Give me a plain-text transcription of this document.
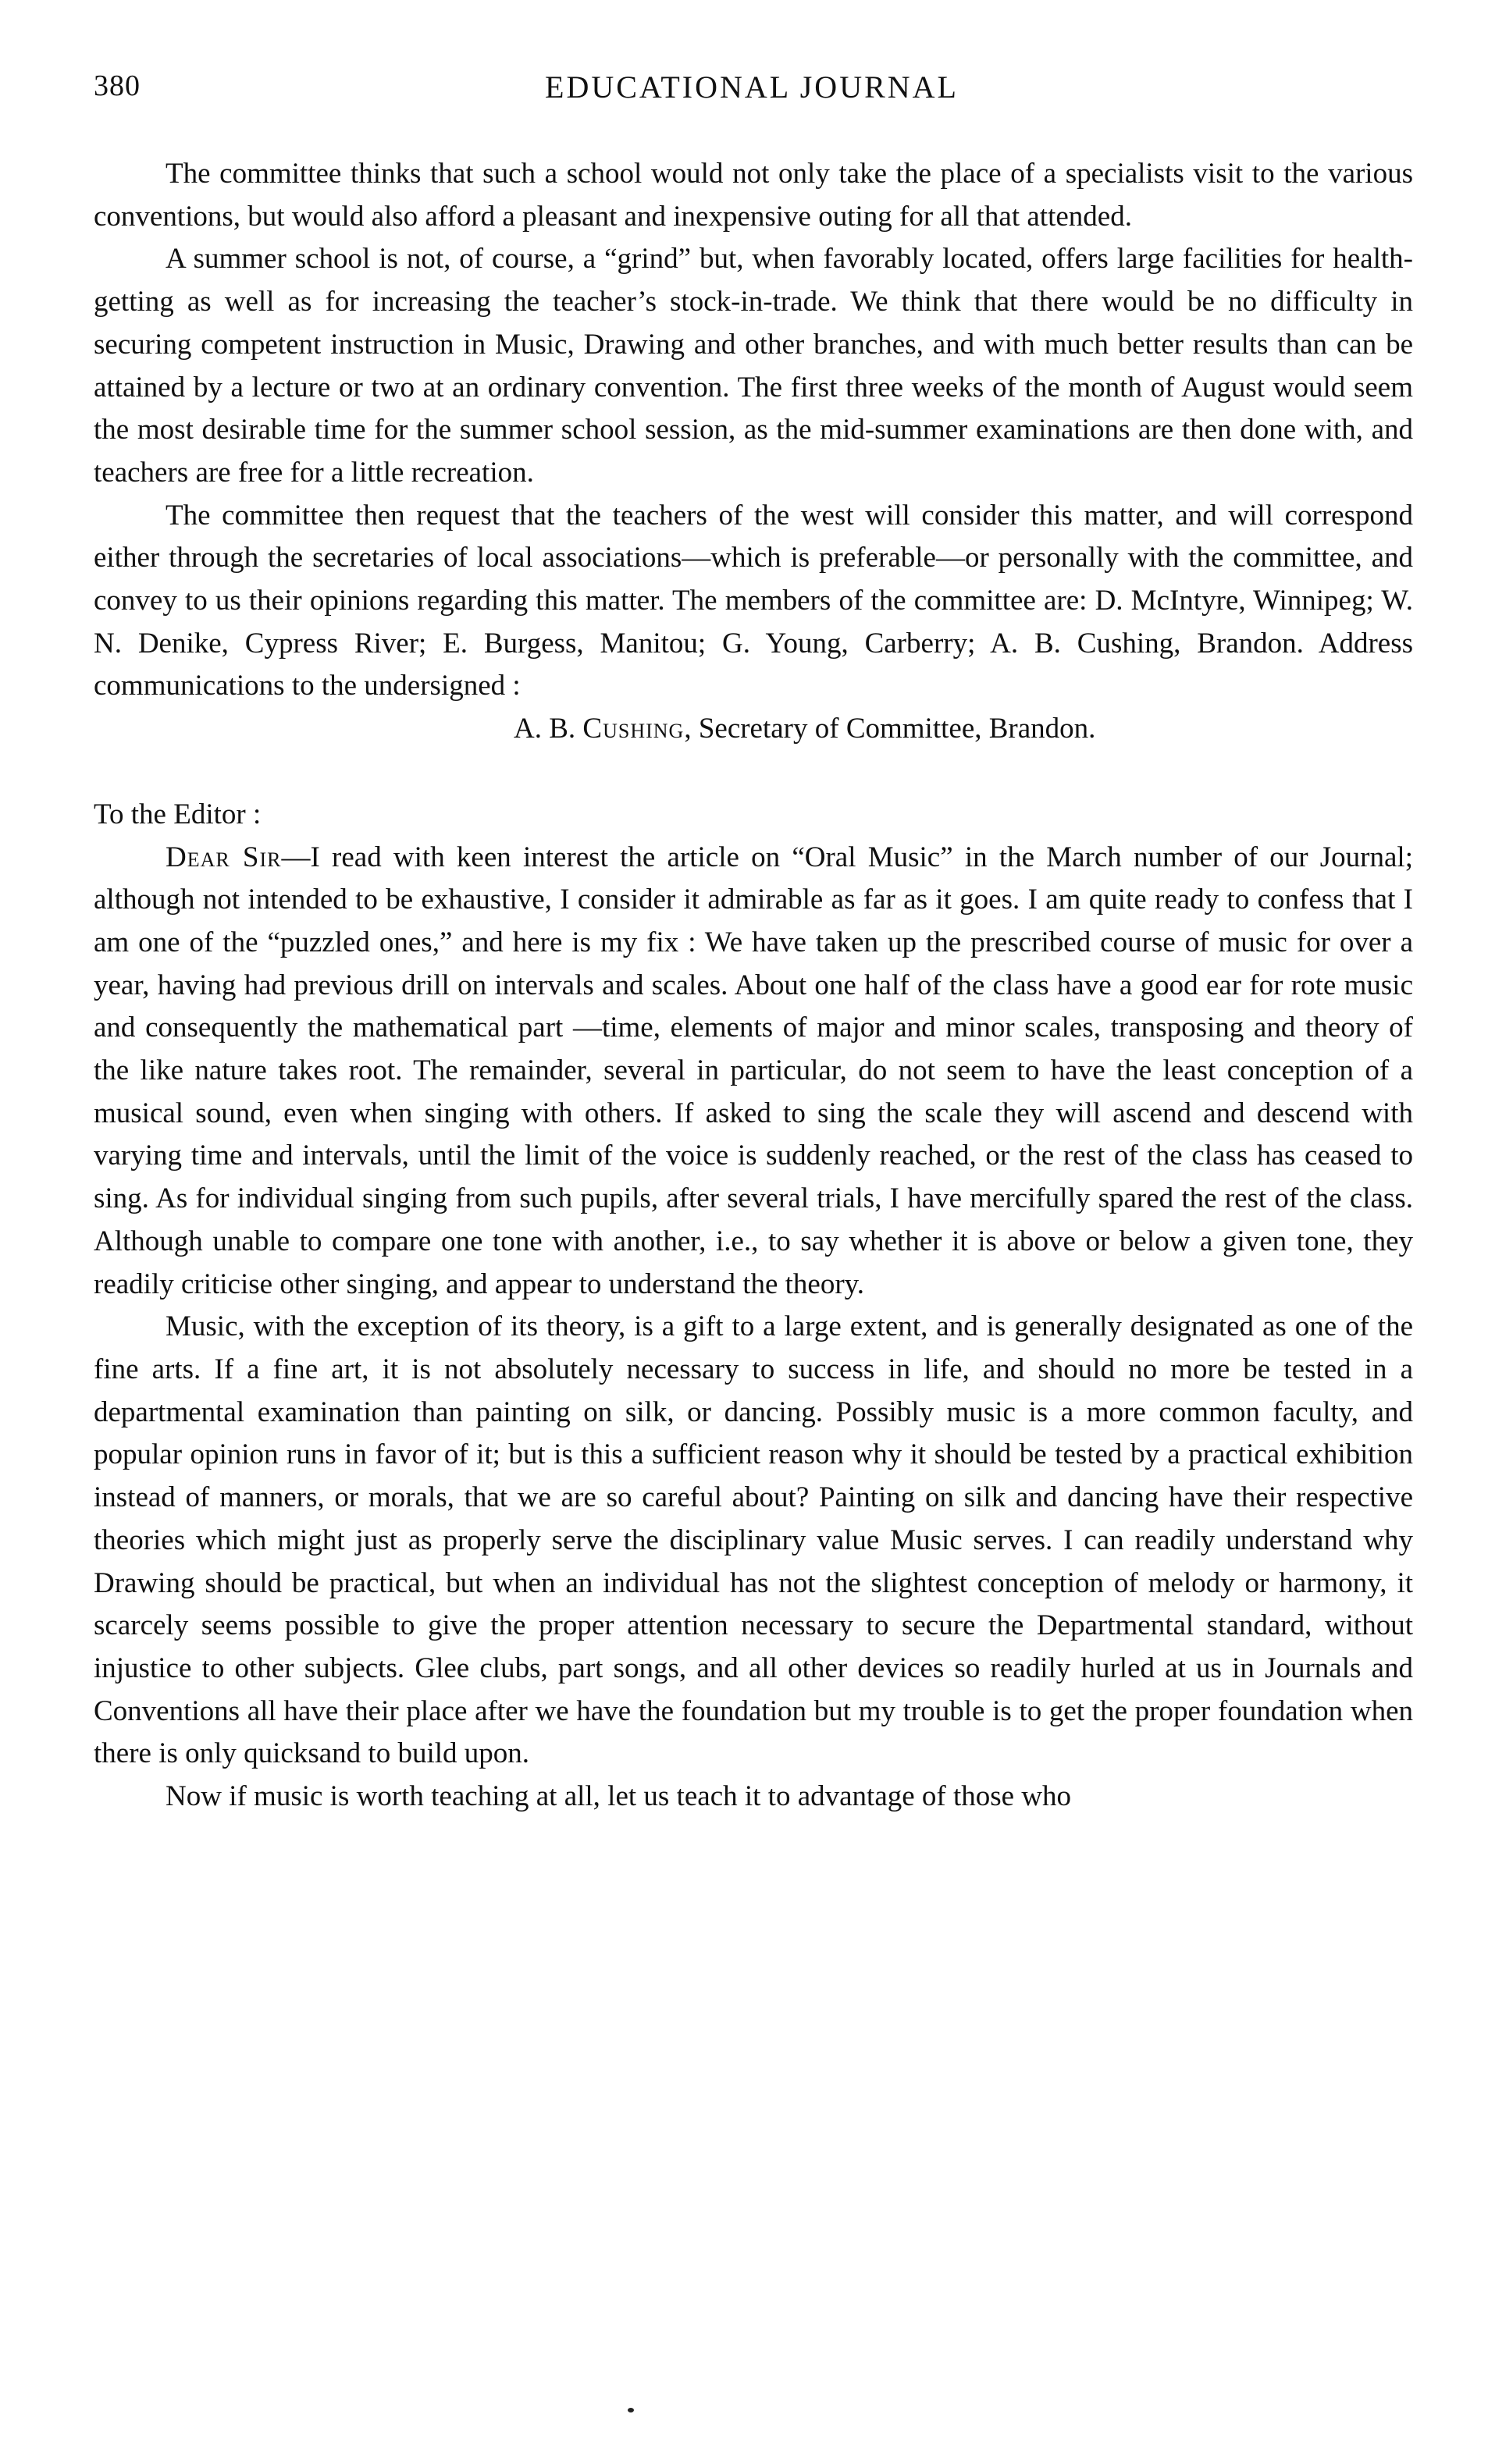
380	EDUCATIONAL JOURNAL

The committee thinks that such a school would not only take the place of a specialists visit to the various conventions, but would also afford a pleasant and inexpensive outing for all that attended.

A summer school is not, of course, a “grind” but, when favorably located, offers large facilities for health-getting as well as for increasing the teacher’s stock-in-trade. We think that there would be no difficulty in securing competent instruction in Music, Drawing and other branches, and with much better results than can be attained by a lecture or two at an ordinary convention. The first three weeks of the month of August would seem the most desirable time for the summer school session, as the mid-summer examinations are then done with, and teachers are free for a little recreation.

The committee then request that the teachers of the west will consider this matter, and will correspond either through the secretaries of local associations—which is preferable—or personally with the committee, and convey to us their opinions regarding this matter. The members of the committee are: D. McIntyre, Winnipeg; W. N. Denike, Cypress River; E. Burgess, Manitou; G. Young, Carberry; A. B. Cushing, Brandon. Address communications to the undersigned :

A. B. Cushing, Secretary of Committee, Brandon.

To the Editor :

Dear Sir—I read with keen interest the article on “Oral Music” in the March number of our Journal; although not intended to be exhaustive, I consider it admirable as far as it goes. I am quite ready to confess that I am one of the “puzzled ones,” and here is my fix : We have taken up the prescribed course of music for over a year, having had previous drill on intervals and scales. About one half of the class have a good ear for rote music and consequently the mathematical part —time, elements of major and minor scales, transposing and theory of the like nature takes root. The remainder, several in particular, do not seem to have the least conception of a musical sound, even when singing with others. If asked to sing the scale they will ascend and descend with varying time and intervals, until the limit of the voice is suddenly reached, or the rest of the class has ceased to sing. As for individual singing from such pupils, after several trials, I have mercifully spared the rest of the class. Although unable to compare one tone with another, i.e., to say whether it is above or below a given tone, they readily criticise other singing, and appear to understand the theory.

Music, with the exception of its theory, is a gift to a large extent, and is generally designated as one of the fine arts. If a fine art, it is not absolutely necessary to success in life, and should no more be tested in a departmental examination than painting on silk, or dancing. Possibly music is a more common faculty, and popular opinion runs in favor of it; but is this a sufficient reason why it should be tested by a practical exhibition instead of manners, or morals, that we are so careful about? Painting on silk and dancing have their respective theories which might just as properly serve the disciplinary value Music serves. I can readily understand why Drawing should be practical, but when an individual has not the slightest conception of melody or harmony, it scarcely seems possible to give the proper attention necessary to secure the Departmental standard, without injustice to other subjects. Glee clubs, part songs, and all other devices so readily hurled at us in Journals and Conventions all have their place after we have the foundation but my trouble is to get the proper foundation when there is only quicksand to build upon.

Now if music is worth teaching at all, let us teach it to advantage of those who
